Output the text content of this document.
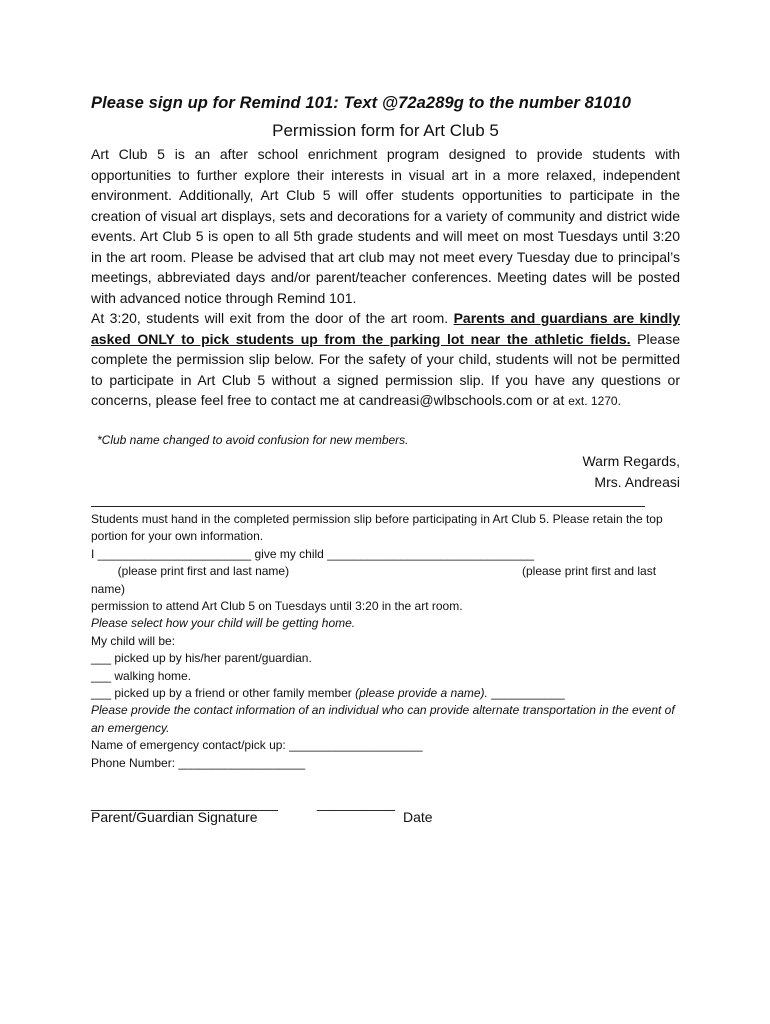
Please sign up for Remind 101: Text @72a289g to the number 81010
Permission form for Art Club 5

Art Club 5 is an after school enrichment program designed to provide students with opportunities to further explore their interests in visual art in a more relaxed, independent environment. Additionally, Art Club 5 will offer students opportunities to participate in the creation of visual art displays, sets and decorations for a variety of community and district wide events. Art Club 5 is open to all 5th grade students and will meet on most Tuesdays until 3:20 in the art room. Please be advised that art club may not meet every Tuesday due to principal’s meetings, abbreviated days and/or parent/teacher conferences. Meeting dates will be posted with advanced notice through Remind 101.

At 3:20, students will exit from the door of the art room. Parents and guardians are kindly asked ONLY to pick students up from the parking lot near the athletic fields. Please complete the permission slip below. For the safety of your child, students will not be permitted to participate in Art Club 5 without a signed permission slip. If you have any questions or concerns, please feel free to contact me at candreasi@wlbschools.com or at ext. 1270.

*Club name changed to avoid confusion for new members.
Warm Regards,
Mrs. Andreasi
Students must hand in the completed permission slip before participating in Art Club 5. Please retain the top portion for your own information.
I _______________________ give my child _______________________________
(please print first and last name)	(please print first and last
name)
permission to attend Art Club 5 on Tuesdays until 3:20 in the art room.
Please select how your child will be getting home.
My child will be:
___ picked up by his/her parent/guardian.
___ walking home.
___ picked up by a friend or other family member (please provide a name). ___________
Please provide the contact information of an individual who can provide alternate transportation in the event of an emergency.
Name of emergency contact/pick up: ____________________
Phone Number: ___________________
________________________	__________
Parent/Guardian Signature	Date
